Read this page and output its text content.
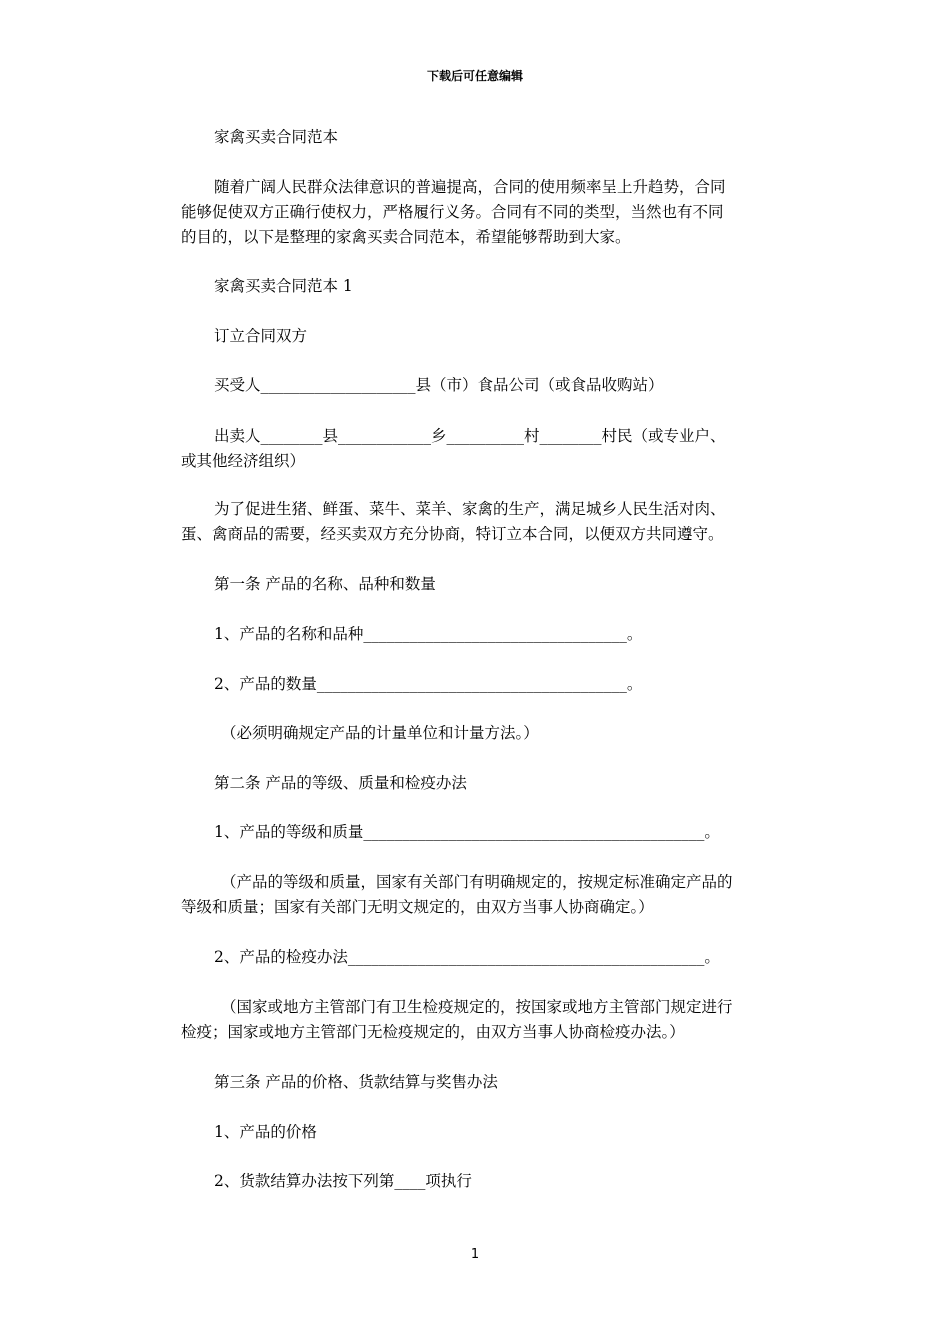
下载后可任意编辑
家禽买卖合同范本
随着广阔人民群众法律意识的普遍提高，合同的使用频率呈上升趋势，合同
能够促使双方正确行使权力，严格履行义务。合同有不同的类型，当然也有不同
的目的，以下是整理的家禽买卖合同范本，希望能够帮助到大家。
家禽买卖合同范本 1
订立合同双方
买受人____________________县（市）食品公司（或食品收购站）
出卖人________县____________乡__________村________村民（或专业户、
或其他经济组织）
为了促进生猪、鲜蛋、菜牛、菜羊、家禽的生产，满足城乡人民生活对肉、
蛋、禽商品的需要，经买卖双方充分协商，特订立本合同，以便双方共同遵守。
第一条 产品的名称、品种和数量
1、产品的名称和品种__________________________________。
2、产品的数量________________________________________。
（必须明确规定产品的计量单位和计量方法。）
第二条 产品的等级、质量和检疫办法
1、产品的等级和质量____________________________________________。
（产品的等级和质量，国家有关部门有明确规定的，按规定标准确定产品的
等级和质量；国家有关部门无明文规定的，由双方当事人协商确定。）
2、产品的检疫办法______________________________________________。
（国家或地方主管部门有卫生检疫规定的，按国家或地方主管部门规定进行
检疫；国家或地方主管部门无检疫规定的，由双方当事人协商检疫办法。）
第三条 产品的价格、货款结算与奖售办法
1、产品的价格
2、货款结算办法按下列第____项执行
1
